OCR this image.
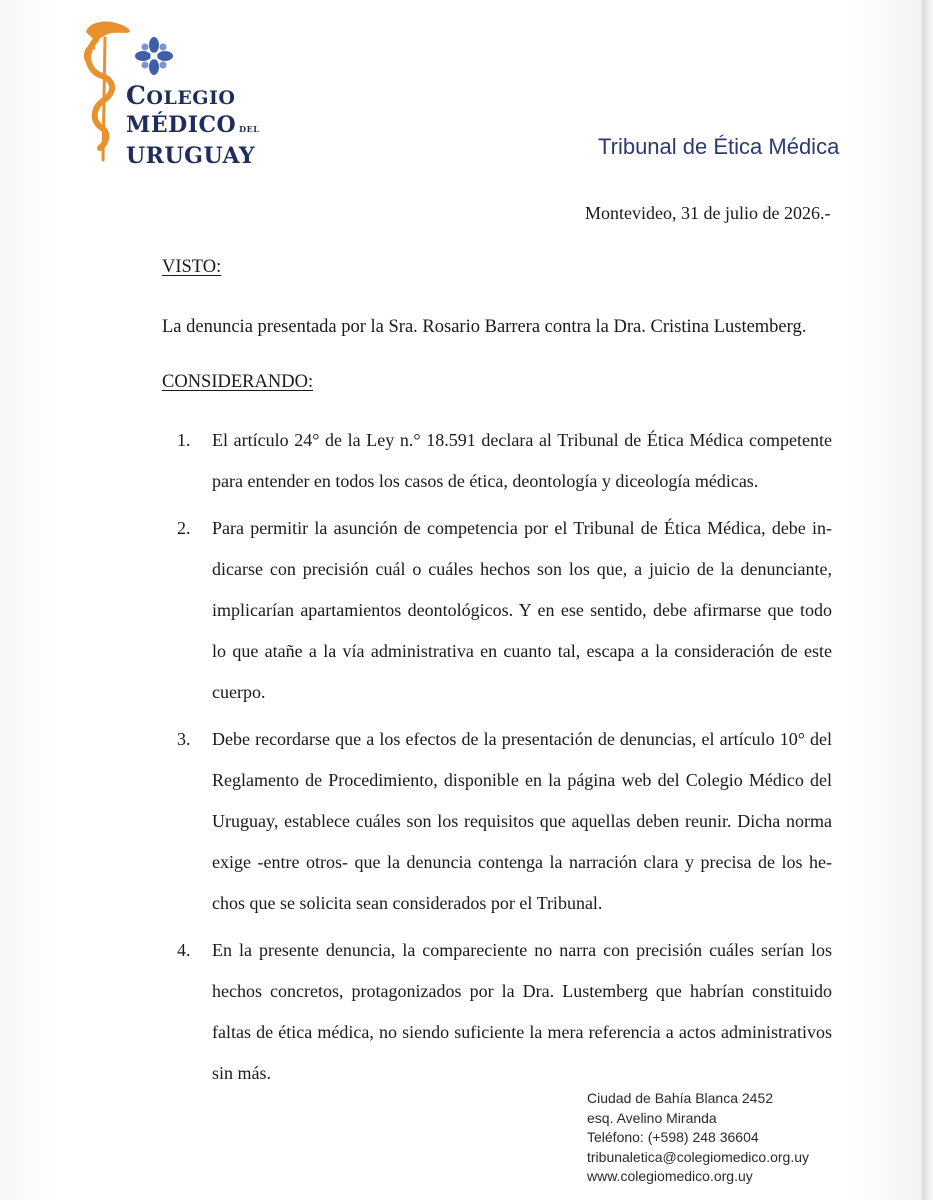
COLEGIO
MÉDICO DEL
URUGUAY	Tribunal de Ética Médica
Montevideo, 31 de julio de 2026.-
VISTO:
La denuncia presentada por la Sra. Rosario Barrera contra la Dra. Cristina Lustemberg.
CONSIDERANDO:
1.	El artículo 24° de la Ley n.° 18.591 declara al Tribunal de Ética Médica competente
para entender en todos los casos de ética, deontología y diceología médicas.
2.	Para permitir la asunción de competencia por el Tribunal de Ética Médica, debe in-
dicarse con precisión cuál o cuáles hechos son los que, a juicio de la denunciante,
implicarían apartamientos deontológicos. Y en ese sentido, debe afirmarse que todo
lo que atañe a la vía administrativa en cuanto tal, escapa a la consideración de este
cuerpo.
3.	Debe recordarse que a los efectos de la presentación de denuncias, el artículo 10° del
Reglamento de Procedimiento, disponible en la página web del Colegio Médico del
Uruguay, establece cuáles son los requisitos que aquellas deben reunir. Dicha norma
exige -entre otros- que la denuncia contenga la narración clara y precisa de los he-
chos que se solicita sean considerados por el Tribunal.
4.	En la presente denuncia, la compareciente no narra con precisión cuáles serían los
hechos concretos, protagonizados por la Dra. Lustemberg que habrían constituido
faltas de ética médica, no siendo suficiente la mera referencia a actos administrativos
sin más.
Ciudad de Bahía Blanca 2452
esq. Avelino Miranda
Teléfono: (+598) 248 36604
tribunaletica@colegiomedico.org.uy
www.colegiomedico.org.uy
